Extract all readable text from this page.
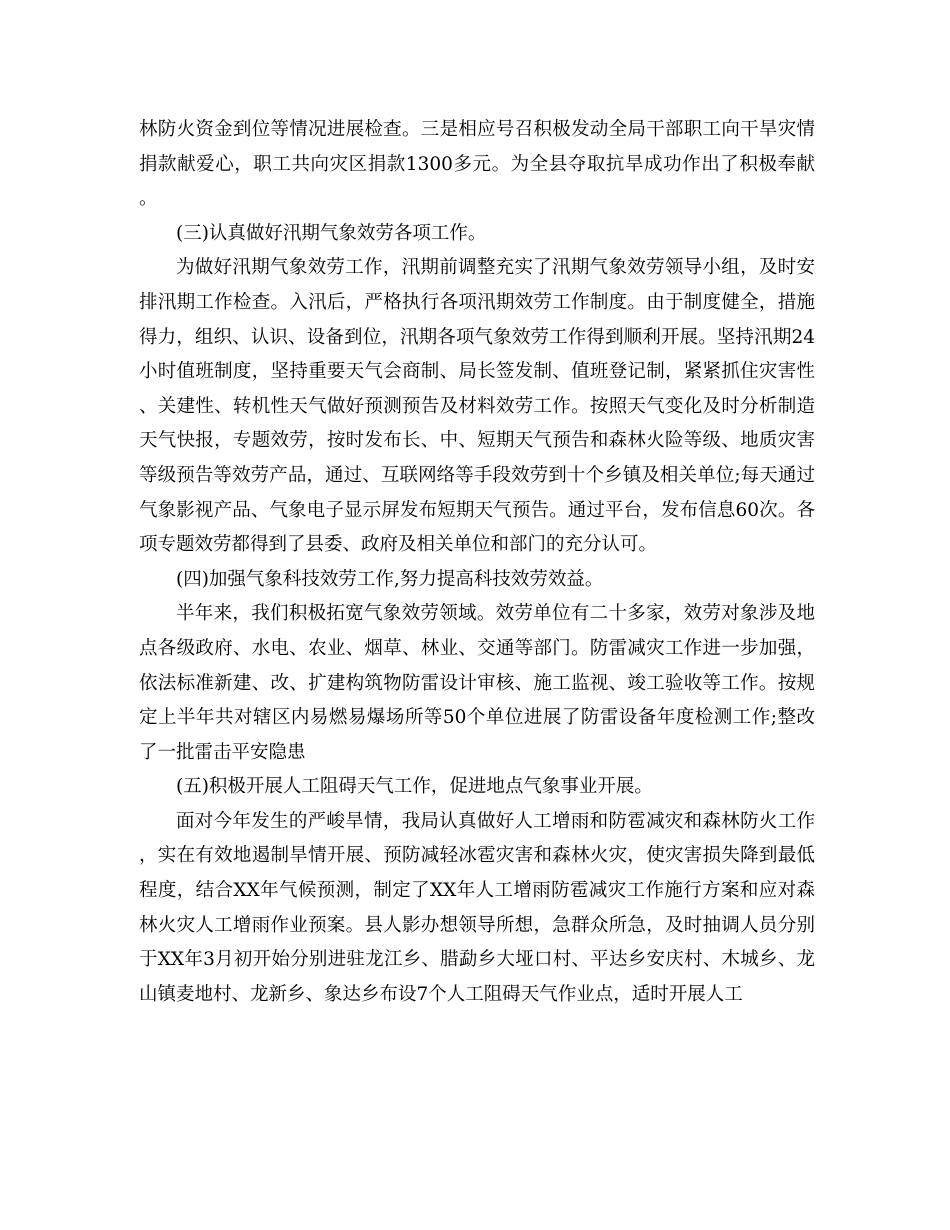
林防火资金到位等情况进展检查。三是相应号召积极发动全局干部职工向干旱灾情捐款献爱心，职工共向灾区捐款1300多元。为全县夺取抗旱成功作出了积极奉献。

(三)认真做好汛期气象效劳各项工作。

为做好汛期气象效劳工作，汛期前调整充实了汛期气象效劳领导小组，及时安排汛期工作检查。入汛后，严格执行各项汛期效劳工作制度。由于制度健全，措施得力，组织、认识、设备到位，汛期各项气象效劳工作得到顺利开展。坚持汛期24小时值班制度，坚持重要天气会商制、局长签发制、值班登记制，紧紧抓住灾害性、关建性、转机性天气做好预测预告及材料效劳工作。按照天气变化及时分析制造天气快报，专题效劳，按时发布长、中、短期天气预告和森林火险等级、地质灾害等级预告等效劳产品，通过、互联网络等手段效劳到十个乡镇及相关单位;每天通过气象影视产品、气象电子显示屏发布短期天气预告。通过平台，发布信息60次。各项专题效劳都得到了县委、政府及相关单位和部门的充分认可。

(四)加强气象科技效劳工作,努力提高科技效劳效益。

半年来，我们积极拓宽气象效劳领域。效劳单位有二十多家，效劳对象涉及地点各级政府、水电、农业、烟草、林业、交通等部门。防雷减灾工作进一步加强，依法标准新建、改、扩建构筑物防雷设计审核、施工监视、竣工验收等工作。按规定上半年共对辖区内易燃易爆场所等50个单位进展了防雷设备年度检测工作;整改了一批雷击平安隐患

(五)积极开展人工阻碍天气工作，促进地点气象事业开展。

面对今年发生的严峻旱情，我局认真做好人工增雨和防雹减灾和森林防火工作，实在有效地遏制旱情开展、预防减轻冰雹灾害和森林火灾，使灾害损失降到最低程度，结合XX年气候预测，制定了XX年人工增雨防雹减灾工作施行方案和应对森林火灾人工增雨作业预案。县人影办想领导所想，急群众所急，及时抽调人员分别于XX年3月初开始分别进驻龙江乡、腊勐乡大垭口村、平达乡安庆村、木城乡、龙山镇麦地村、龙新乡、象达乡布设7个人工阻碍天气作业点，适时开展人工
